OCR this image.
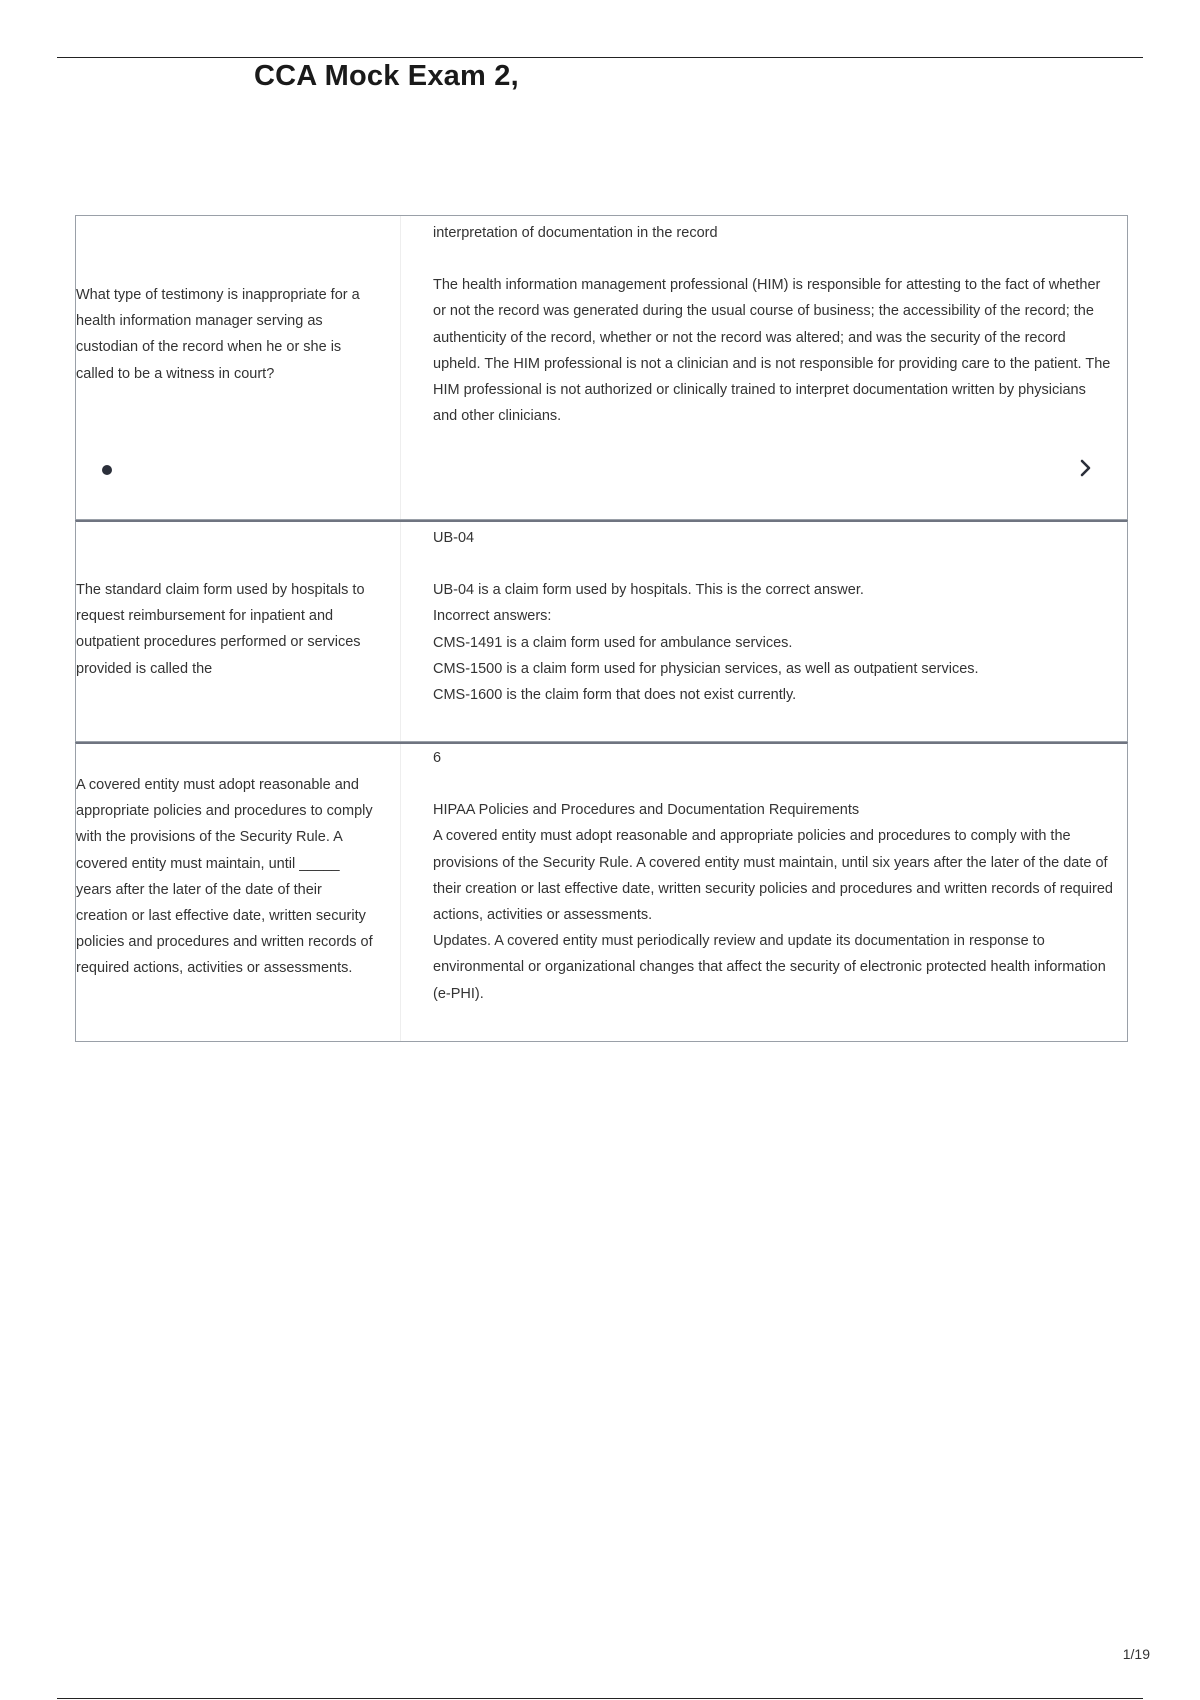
CCA Mock Exam 2,
What type of testimony is inappropriate for a health information manager serving as custodian of the record when he or she is called to be a witness in court?
interpretation of documentation in the record
The health information management professional (HIM) is responsible for attesting to the fact of whether or not the record was generated during the usual course of business; the accessibility of the record; the authenticity of the record, whether or not the record was altered; and was the security of the record upheld. The HIM professional is not a clinician and is not responsible for providing care to the patient. The HIM professional is not authorized or clinically trained to interpret documentation written by physicians and other clinicians.
The standard claim form used by hospitals to request reimbursement for inpatient and outpatient procedures performed or services provided is called the
UB-04
UB-04 is a claim form used by hospitals. This is the correct answer.
Incorrect answers:
CMS-1491 is a claim form used for ambulance services.
CMS-1500 is a claim form used for physician services, as well as outpatient services.
CMS-1600 is the claim form that does not exist currently.
A covered entity must adopt reasonable and appropriate policies and procedures to comply with the provisions of the Security Rule. A covered entity must maintain, until _____ years after the later of the date of their creation or last effective date, written security policies and procedures and written records of required actions, activities or assessments.
6
HIPAA Policies and Procedures and Documentation Requirements
A covered entity must adopt reasonable and appropriate policies and procedures to comply with the provisions of the Security Rule. A covered entity must maintain, until six years after the later of the date of their creation or last effective date, written security policies and procedures and written records of required actions, activities or assessments.
Updates. A covered entity must periodically review and update its documentation in response to environmental or organizational changes that affect the security of electronic protected health information (e-PHI).
1/19
